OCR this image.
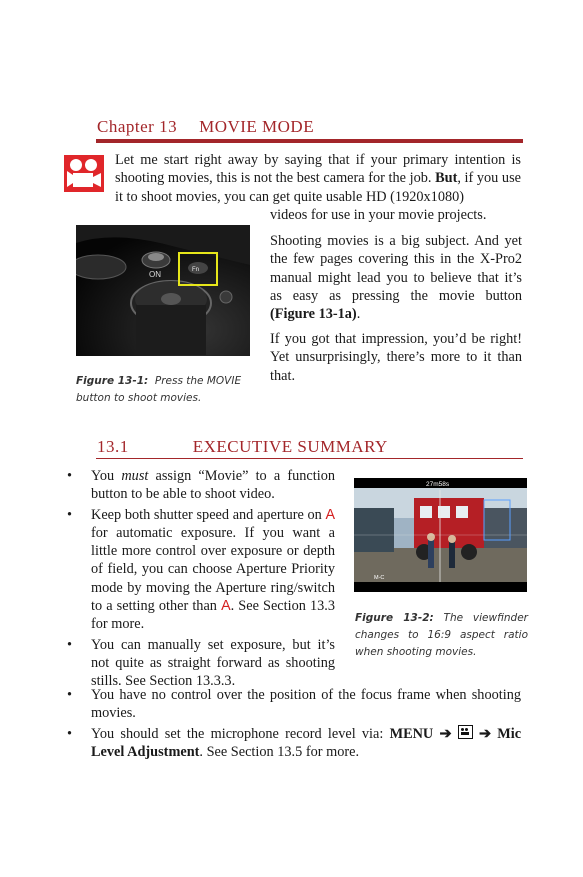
Chapter 13 MOVIE MODE
Let me start right away by saying that if your primary intention is shooting movies, this is not the best camera for the job. But, if you use it to shoot movies, you can get quite usable HD (1920x1080)
videos for use in your movie projects.
ON	Fn
Figure 13-1: Press the MOVIE button to shoot movies.
Shooting movies is a big subject. And yet the few pages covering this in the X-Pro2 manual might lead you to believe that it’s as easy as pressing the movie button (Figure 13-1a).
If you got that impression, you’d be right! Yet unsurprisingly, there’s more to it than that.
13.1	EXECUTIVE SUMMARY
• You must assign “Movie” to a function button to be able to shoot video.
• Keep both shutter speed and aperture on A for automatic exposure. If you want a little more control over exposure or depth of field, you can choose Aperture Priority mode by moving the Aperture ring/switch to a setting other than A. See Section 13.3 for more.
• You can manually set exposure, but it’s not quite as straight forward as shooting stills. See Section 13.3.3.
• You have no control over the position of the focus frame when shooting movies.
• You should set the microphone record level via: MENU ➔ ➔ Mic Level Adjustment. See Section 13.5 for more.
27m58s
M-C
Figure 13-2: The viewfinder changes to 16:9 aspect ratio when shooting movies.
